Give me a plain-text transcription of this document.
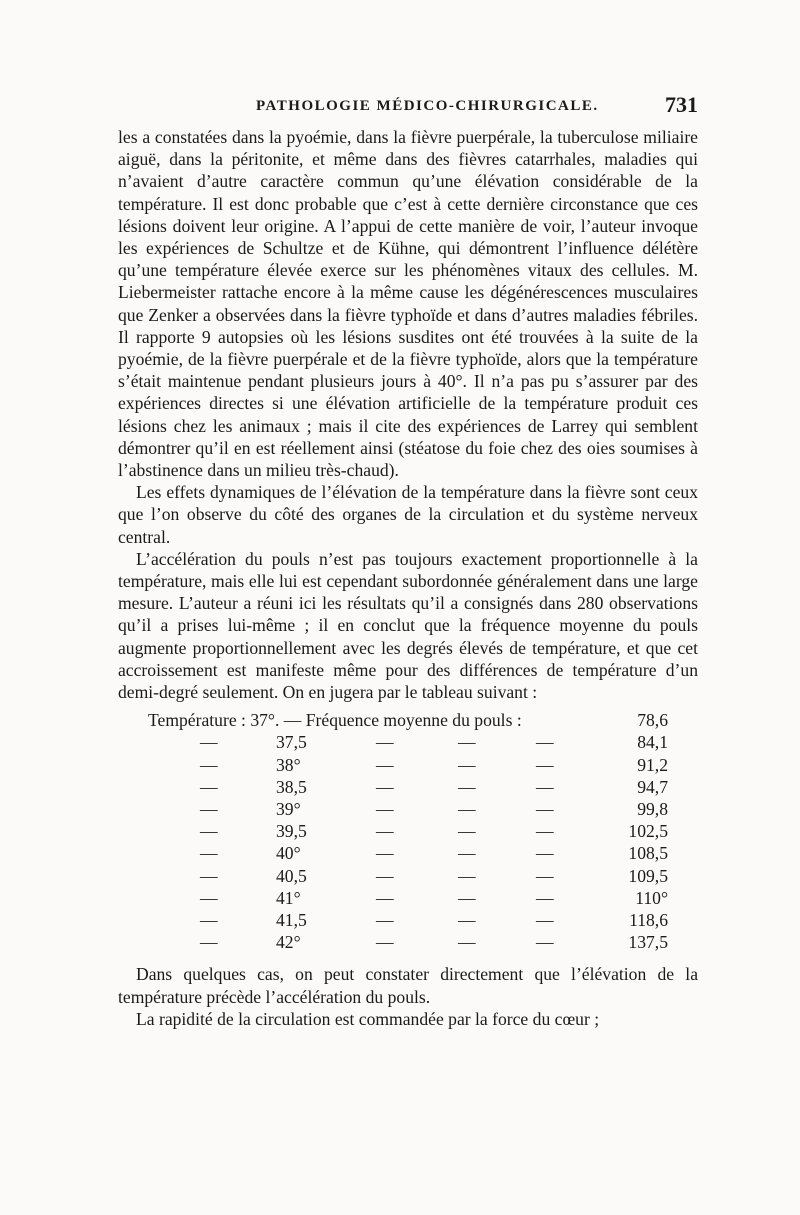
PATHOLOGIE MÉDICO-CHIRURGICALE.	731

les a constatées dans la pyoémie, dans la fièvre puerpérale, la tuberculose miliaire aiguë, dans la péritonite, et même dans des fièvres catarrhales, maladies qui n’avaient d’autre caractère commun qu’une élévation considérable de la température. Il est donc probable que c’est à cette dernière circonstance que ces lésions doivent leur origine. A l’appui de cette manière de voir, l’auteur invoque les expériences de Schultze et de Kühne, qui démontrent l’influence délétère qu’une température élevée exerce sur les phénomènes vitaux des cellules. M. Liebermeister rattache encore à la même cause les dégénérescences musculaires que Zenker a observées dans la fièvre typhoïde et dans d’autres maladies fébriles. Il rapporte 9 autopsies où les lésions susdites ont été trouvées à la suite de la pyoémie, de la fièvre puerpérale et de la fièvre typhoïde, alors que la température s’était maintenue pendant plusieurs jours à 40°. Il n’a pas pu s’assurer par des expériences directes si une élévation artificielle de la température produit ces lésions chez les animaux ; mais il cite des expériences de Larrey qui semblent démontrer qu’il en est réellement ainsi (stéatose du foie chez des oies soumises à l’abstinence dans un milieu très-chaud).

Les effets dynamiques de l’élévation de la température dans la fièvre sont ceux que l’on observe du côté des organes de la circulation et du système nerveux central.

L’accélération du pouls n’est pas toujours exactement proportionnelle à la température, mais elle lui est cependant subordonnée généralement dans une large mesure. L’auteur a réuni ici les résultats qu’il a consignés dans 280 observations qu’il a prises lui-même ; il en conclut que la fréquence moyenne du pouls augmente proportionnellement avec les degrés élevés de température, et que cet accroissement est manifeste même pour des différences de température d’un demi-degré seulement. On en jugera par le tableau suivant :

Température : 37°. — Fréquence moyenne du pouls :	78,6
—	37,5	—	—	—	84,1
—	38°	—	—	—	91,2
—	38,5	—	—	—	94,7
—	39°	—	—	—	99,8
—	39,5	—	—	—	102,5
—	40°	—	—	—	108,5
—	40,5	—	—	—	109,5
—	41°	—	—	—	110°
—	41,5	—	—	—	118,6
—	42°	—	—	—	137,5

Dans quelques cas, on peut constater directement que l’élévation de la température précède l’accélération du pouls.

La rapidité de la circulation est commandée par la force du cœur ;
